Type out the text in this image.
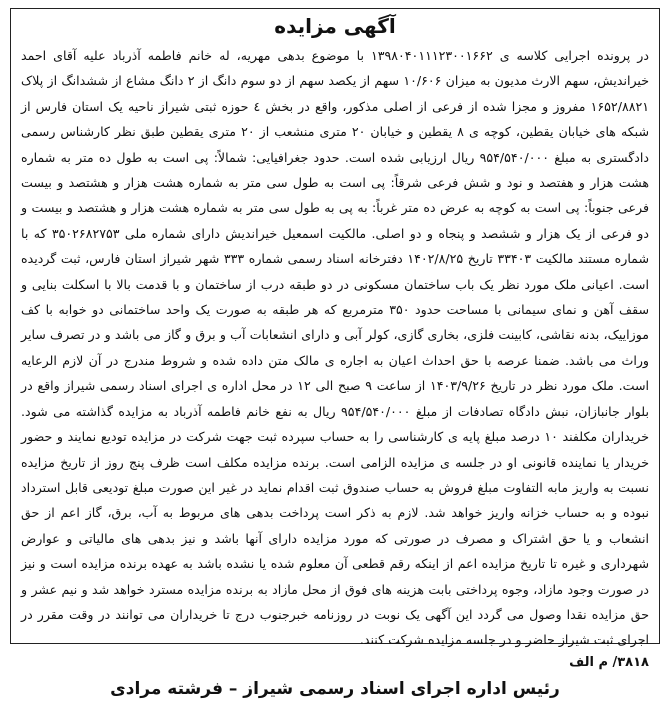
آگهی مزایده
در پرونده اجرایی کلاسه ی ۱۳۹۸۰۴۰۱۱۱۲۳۰۰۱۶۶۲ با موضوع بدهی مهریه، له خانم فاطمه آذرباد علیه آقای احمد خیراندیش، سهم الارث مدیون به میزان ۱۰/۶۰۶ سهم از یکصد سهم از دو سوم دانگ از ۲ دانگ مشاع از ششدانگ از پلاک ۱۶۵۲/۸۸۲۱ مفروز و مجزا شده از فرعی از اصلی مذکور، واقع در بخش ٤ حوزه ثبتی شیراز ناحیه یک استان فارس از شبکه های خیابان یقطین، کوچه ی ۸ یقطین و خیابان ۲۰ متری منشعب از ۲۰ متری یقطین طبق نظر کارشناس رسمی دادگستری به مبلغ ۹۵۴/۵۴۰/۰۰۰ ریال ارزیابی شده است. حدود جغرافیایی: شمالاً: پی است به طول ده متر به شماره هشت هزار و هفتصد و نود و شش فرعی شرقاً: پی است به طول سی متر به شماره هشت هزار و هشتصد و بیست فرعی جنوباً: پی است به کوچه به عرض ده متر غرباً: به پی به طول سی متر به شماره هشت هزار و هشتصد و بیست و دو فرعی از یک هزار و ششصد و پنجاه و دو اصلی. مالکیت اسمعیل خیراندیش دارای شماره ملی ۳۵۰۲۶۸۲۷۵۳ که با شماره مستند مالکیت ۳۳۴۰۳ تاریخ ۱۴۰۲/۸/۲۵ دفترخانه اسناد رسمی شماره ۳۳۳ شهر شیراز استان فارس، ثبت گردیده است. اعیانی ملک مورد نظر یک باب ساختمان مسکونی در دو طبقه درب از ساختمان و با قدمت بالا با اسکلت بنایی و سقف آهن و نمای سیمانی با مساحت حدود ۳۵۰ مترمربع که هر طبقه به صورت یک واحد ساختمانی دو خوابه با کف موزاییک، بدنه نقاشی، کابینت فلزی، بخاری گازی، کولر آبی و دارای انشعابات آب و برق و گاز می باشد و در تصرف سایر وراث می باشد. ضمنا عرصه با حق احداث اعیان به اجاره ی مالک متن داده شده و شروط مندرج در آن لازم الرعایه است. ملک مورد نظر در تاریخ ۱۴۰۳/۹/۲۶ از ساعت ۹ صبح الی ۱۲ در محل اداره ی اجرای اسناد رسمی شیراز واقع در بلوار جانبازان، نبش دادگاه تصادفات از مبلغ ۹۵۴/۵۴۰/۰۰۰ ریال به نفع خانم فاطمه آذرباد به مزایده گذاشته می شود. خریداران مکلفند ۱۰ درصد مبلغ پایه ی کارشناسی را به حساب سپرده ثبت جهت شرکت در مزایده تودیع نمایند و حضور خریدار یا نماینده قانونی او در جلسه ی مزایده الزامی است. برنده مزایده مکلف است ظرف پنج روز از تاریخ مزایده نسبت به واریز مابه التفاوت مبلغ فروش به حساب صندوق ثبت اقدام نماید در غیر این صورت مبلغ تودیعی قابل استرداد نبوده و به حساب خزانه واریز خواهد شد. لازم به ذکر است پرداخت بدهی های مربوط به آب، برق، گاز اعم از حق انشعاب و یا حق اشتراک و مصرف در صورتی که مورد مزایده دارای آنها باشد و نیز بدهی های مالیاتی و عوارض شهرداری و غیره تا تاریخ مزایده اعم از اینکه رقم قطعی آن معلوم شده یا نشده باشد به عهده برنده مزایده است و نیز در صورت وجود مازاد، وجوه پرداختی بابت هزینه های فوق از محل مازاد به برنده مزایده مسترد خواهد شد و نیم عشر و حق مزایده نقدا وصول می گردد این آگهی یک نوبت در روزنامه خبرجنوب درج تا خریداران می توانند در وقت مقرر در اجرای ثبت شیراز حاضر و در جلسه مزایده شرکت کنند.
۳۸۱۸/ م الف
رئیس اداره اجرای اسناد رسمی شیراز – فرشته مرادی
